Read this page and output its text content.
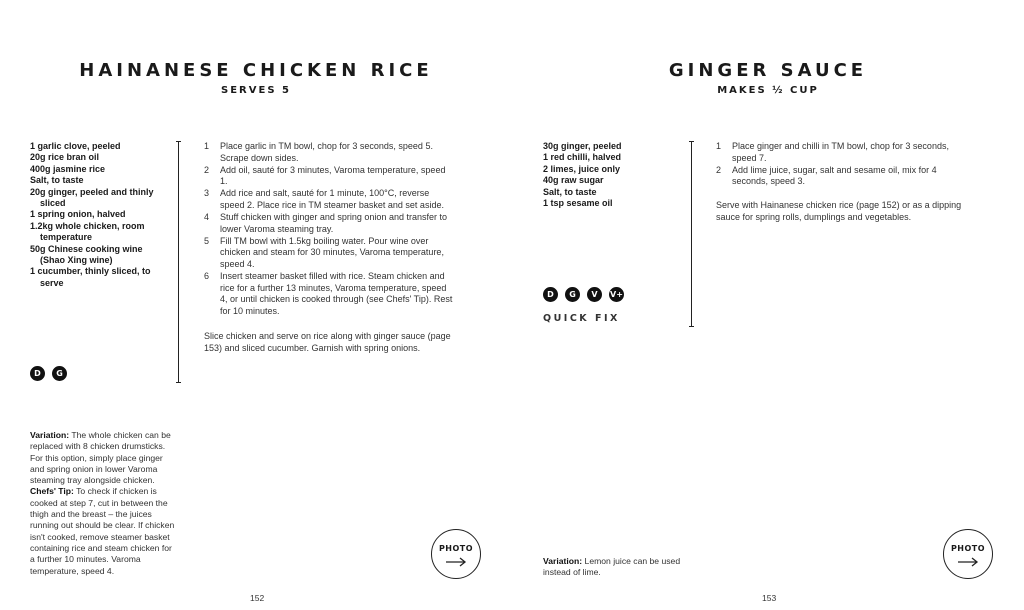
HAINANESE CHICKEN RICE
SERVES 5
1 garlic clove, peeled
20g rice bran oil
400g jasmine rice
Salt, to taste
20g ginger, peeled and thinly sliced
1 spring onion, halved
1.2kg whole chicken, room temperature
50g Chinese cooking wine (Shao Xing wine)
1 cucumber, thinly sliced, to serve
D	G
1 Place garlic in TM bowl, chop for 3 seconds, speed 5. Scrape down sides.
2 Add oil, sauté for 3 minutes, Varoma temperature, speed 1.
3 Add rice and salt, sauté for 1 minute, 100°C, reverse speed 2. Place rice in TM steamer basket and set aside.
4 Stuff chicken with ginger and spring onion and transfer to lower Varoma steaming tray.
5 Fill TM bowl with 1.5kg boiling water. Pour wine over chicken and steam for 30 minutes, Varoma temperature, speed 4.
6 Insert steamer basket filled with rice. Steam chicken and rice for a further 13 minutes, Varoma temperature, speed 4, or until chicken is cooked through (see Chefs' Tip). Rest for 10 minutes.

Slice chicken and serve on rice along with ginger sauce (page 153) and sliced cucumber. Garnish with spring onions.

Variation: The whole chicken can be replaced with 8 chicken drumsticks. For this option, simply place ginger and spring onion in lower Varoma steaming tray alongside chicken.
Chefs' Tip: To check if chicken is cooked at step 7, cut in between the thigh and the breast – the juices running out should be clear. If chicken isn't cooked, remove steamer basket containing rice and steam chicken for a further 10 minutes. Varoma temperature, speed 4.
PHOTO
152
GINGER SAUCE
MAKES ½ CUP
30g ginger, peeled
1 red chilli, halved
2 limes, juice only
40g raw sugar
Salt, to taste
1 tsp sesame oil
D	G	V	V+
QUICK FIX
1 Place ginger and chilli in TM bowl, chop for 3 seconds, speed 7.
2 Add lime juice, sugar, salt and sesame oil, mix for 4 seconds, speed 3.

Serve with Hainanese chicken rice (page 152) or as a dipping sauce for spring rolls, dumplings and vegetables.

Variation: Lemon juice can be used instead of lime.
PHOTO
153
